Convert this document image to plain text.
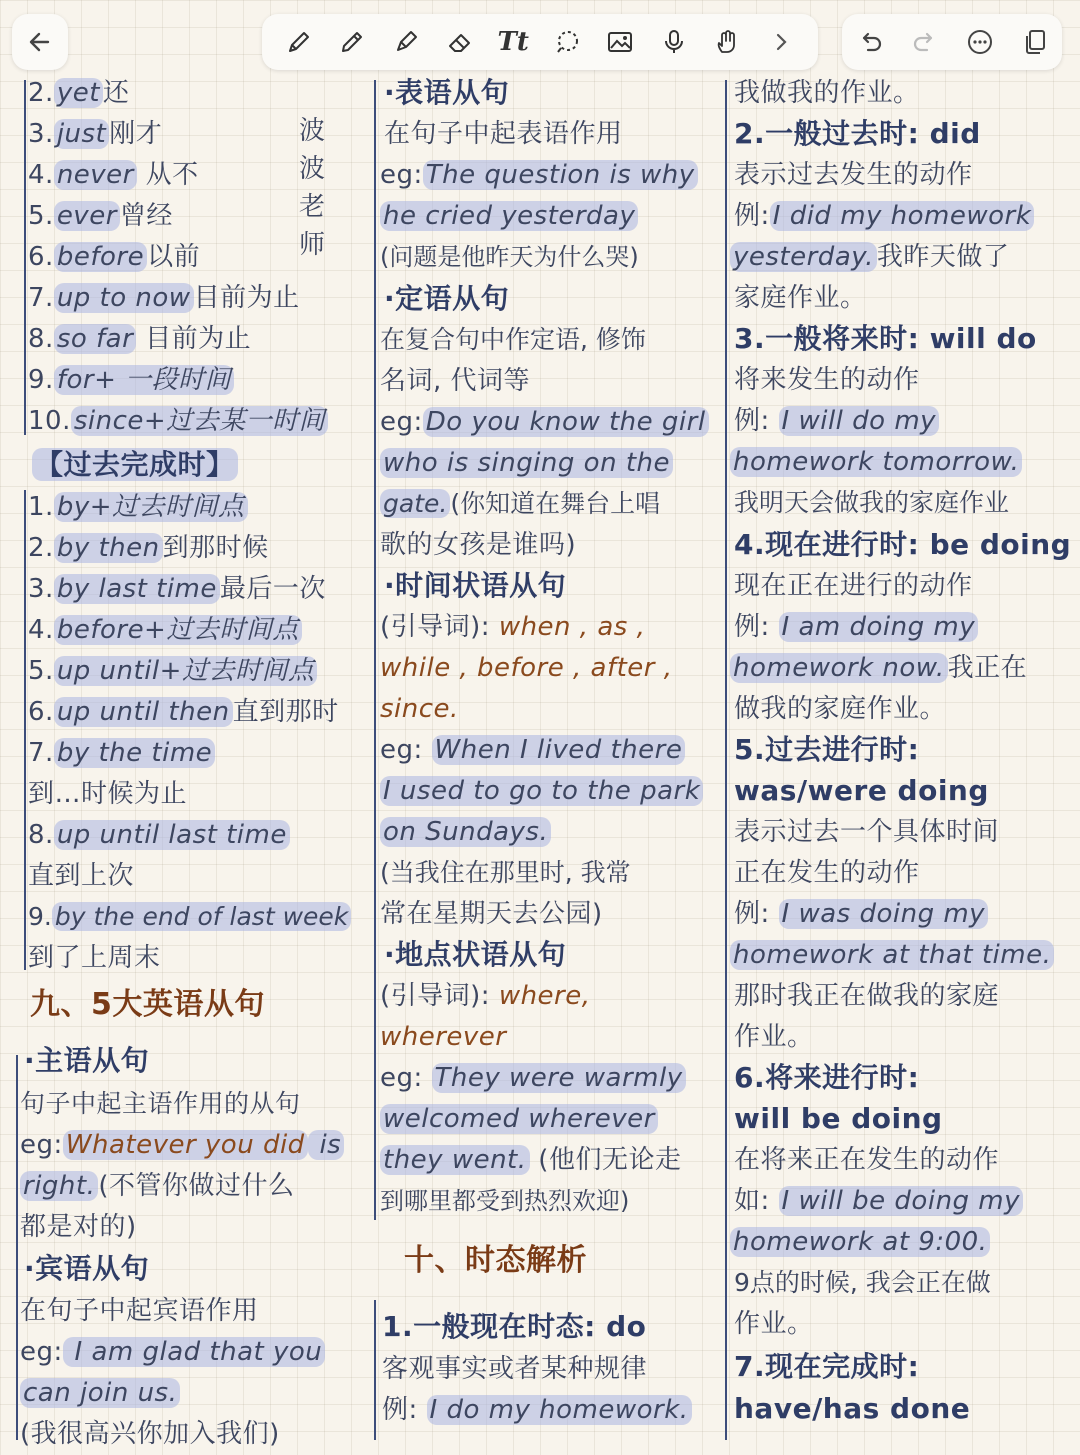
Tt
2. yet 还
3. just 刚才
4. never 从不
5. ever 曾经
6. before 以前
7. up to now 目前为止
8. so far 目前为止
9. for+ 一段时间
10. since+过去某一时间
【过去完成时】
1. by+过去时间点
2. by then 到那时候
3. by last time 最后一次
4. before+过去时间点
5. up until+过去时间点
6. up until then 直到那时
7. by the time
到…时候为止
8. up until last time
直到上次
9. by the end of last week
到了上周末
九、5大英语从句
· 主语从句
句子中起主语作用的从句
eg: Whatever you did is
right. (不管你做过什么
都是对的)
· 宾语从句
在句子中起宾语作用
eg: I am glad that you
can join us.
(我很高兴你加入我们)
波
波
老
师
· 表语从句
在句子中起表语作用
eg: The question is why
he cried yesterday
(问题是他昨天为什么哭)
· 定语从句
在复合句中作定语, 修饰
名词, 代词等
eg: Do you know the girl
who is singing on the
gate. (你知道在舞台上唱
歌的女孩是谁吗)
· 时间状语从句
(引导词): when , as ,
while , before , after ,
since.
eg: When I lived there
I used to go to the park
on Sundays.
(当我住在那里时, 我常
常在星期天去公园)
· 地点状语从句
(引导词): where,
wherever
eg: They were warmly
welcomed wherever
they went. (他们无论走
到哪里都受到热烈欢迎)
十、时态解析
1.一般现在时态: do
客观事实或者某种规律
例: I do my homework.
我做我的作业。
2.一般过去时: did
表示过去发生的动作
例: I did my homework
yesterday. 我昨天做了
家庭作业。
3.一般将来时: will do
将来发生的动作
例: I will do my
homework tomorrow.
我明天会做我的家庭作业
4.现在进行时: be doing
现在正在进行的动作
例: I am doing my
homework now. 我正在
做我的家庭作业。
5.过去进行时:
was/were doing
表示过去一个具体时间
正在发生的动作
例: I was doing my
homework at that time.
那时我正在做我的家庭
作业。
6.将来进行时:
will be doing
在将来正在发生的动作
如: I will be doing my
homework at 9:00.
9点的时候, 我会正在做
作业。
7.现在完成时:
have/has done
